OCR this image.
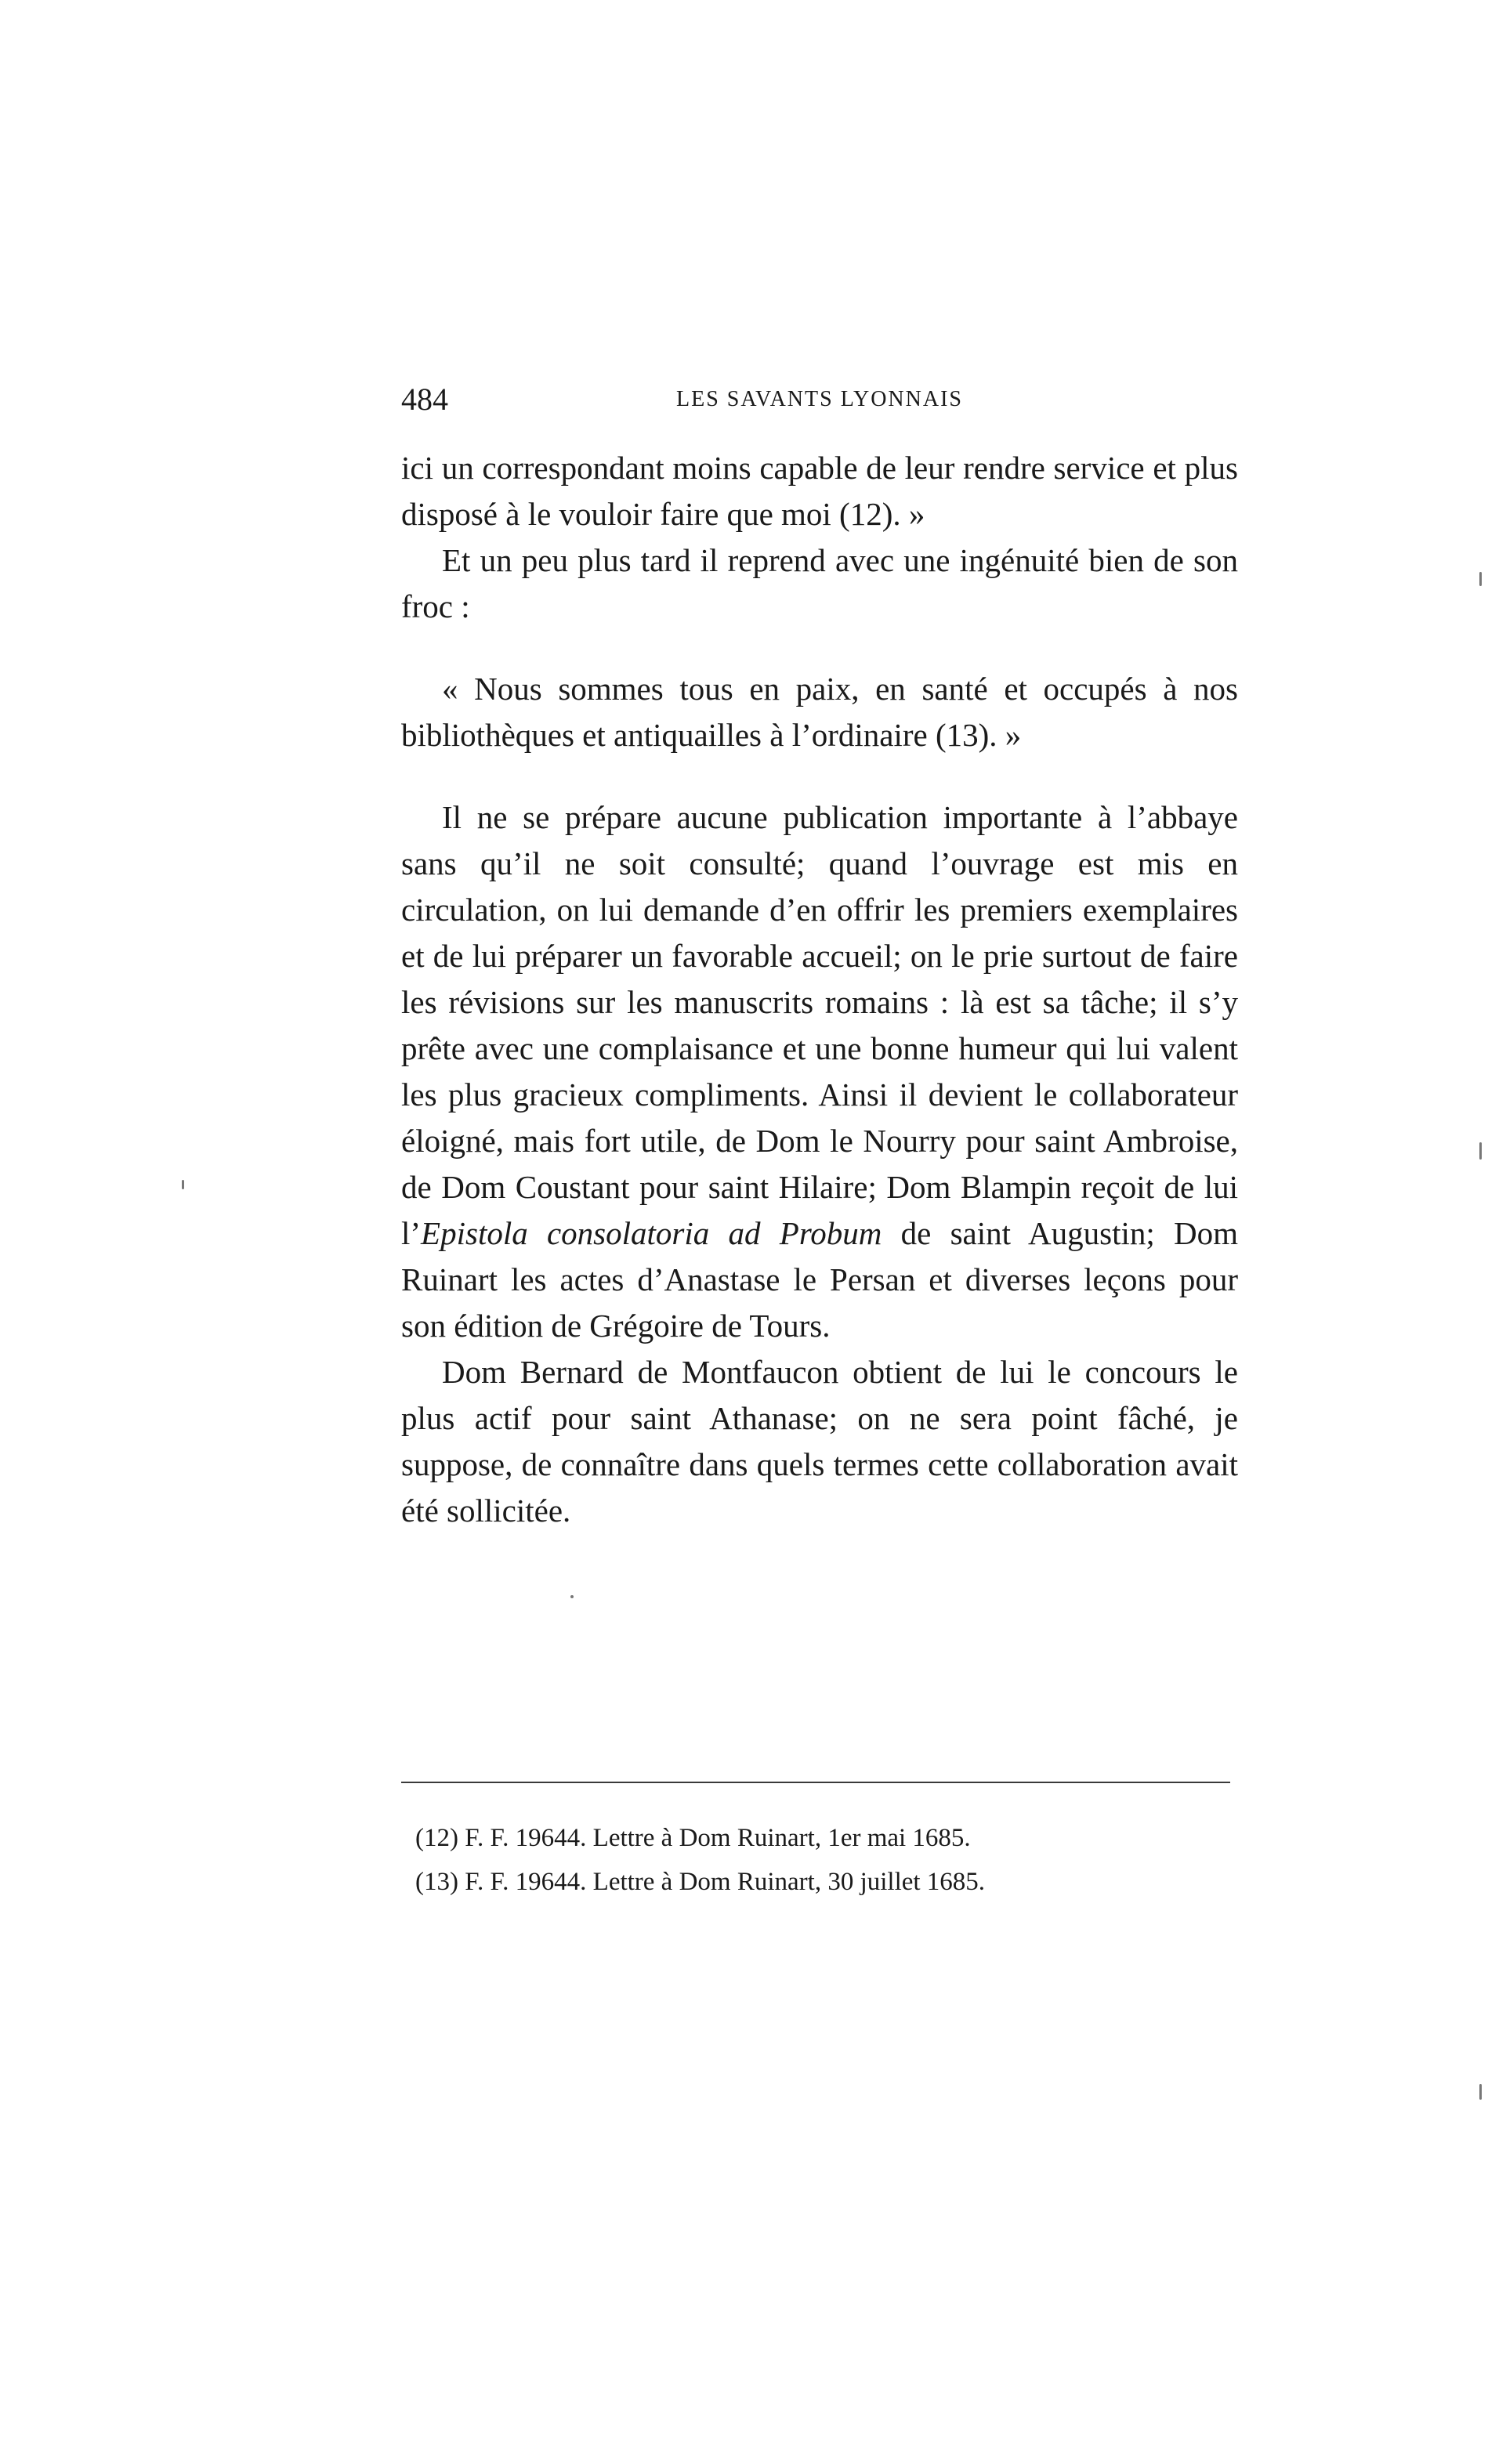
484	LES SAVANTS LYONNAIS

ici un correspondant moins capable de leur rendre service et plus disposé à le vouloir faire que moi (12). »

Et un peu plus tard il reprend avec une ingénuité bien de son froc :

« Nous sommes tous en paix, en santé et occupés à nos bibliothèques et antiquailles à l’ordinaire (13). »

Il ne se prépare aucune publication importante à l’abbaye sans qu’il ne soit consulté; quand l’ouvrage est mis en circulation, on lui demande d’en offrir les premiers exemplaires et de lui préparer un favorable accueil; on le prie surtout de faire les révisions sur les manuscrits romains : là est sa tâche; il s’y prête avec une complaisance et une bonne humeur qui lui valent les plus gracieux compliments. Ainsi il devient le collaborateur éloigné, mais fort utile, de Dom le Nourry pour saint Ambroise, de Dom Coustant pour saint Hilaire; Dom Blampin reçoit de lui l’Epistola consolatoria ad Probum de saint Augustin; Dom Ruinart les actes d’Anastase le Persan et diverses leçons pour son édition de Grégoire de Tours.

Dom Bernard de Montfaucon obtient de lui le concours le plus actif pour saint Athanase; on ne sera point fâché, je suppose, de connaître dans quels termes cette collaboration avait été sollicitée.

(12) F. F. 19644. Lettre à Dom Ruinart, 1er mai 1685.

(13) F. F. 19644. Lettre à Dom Ruinart, 30 juillet 1685.
